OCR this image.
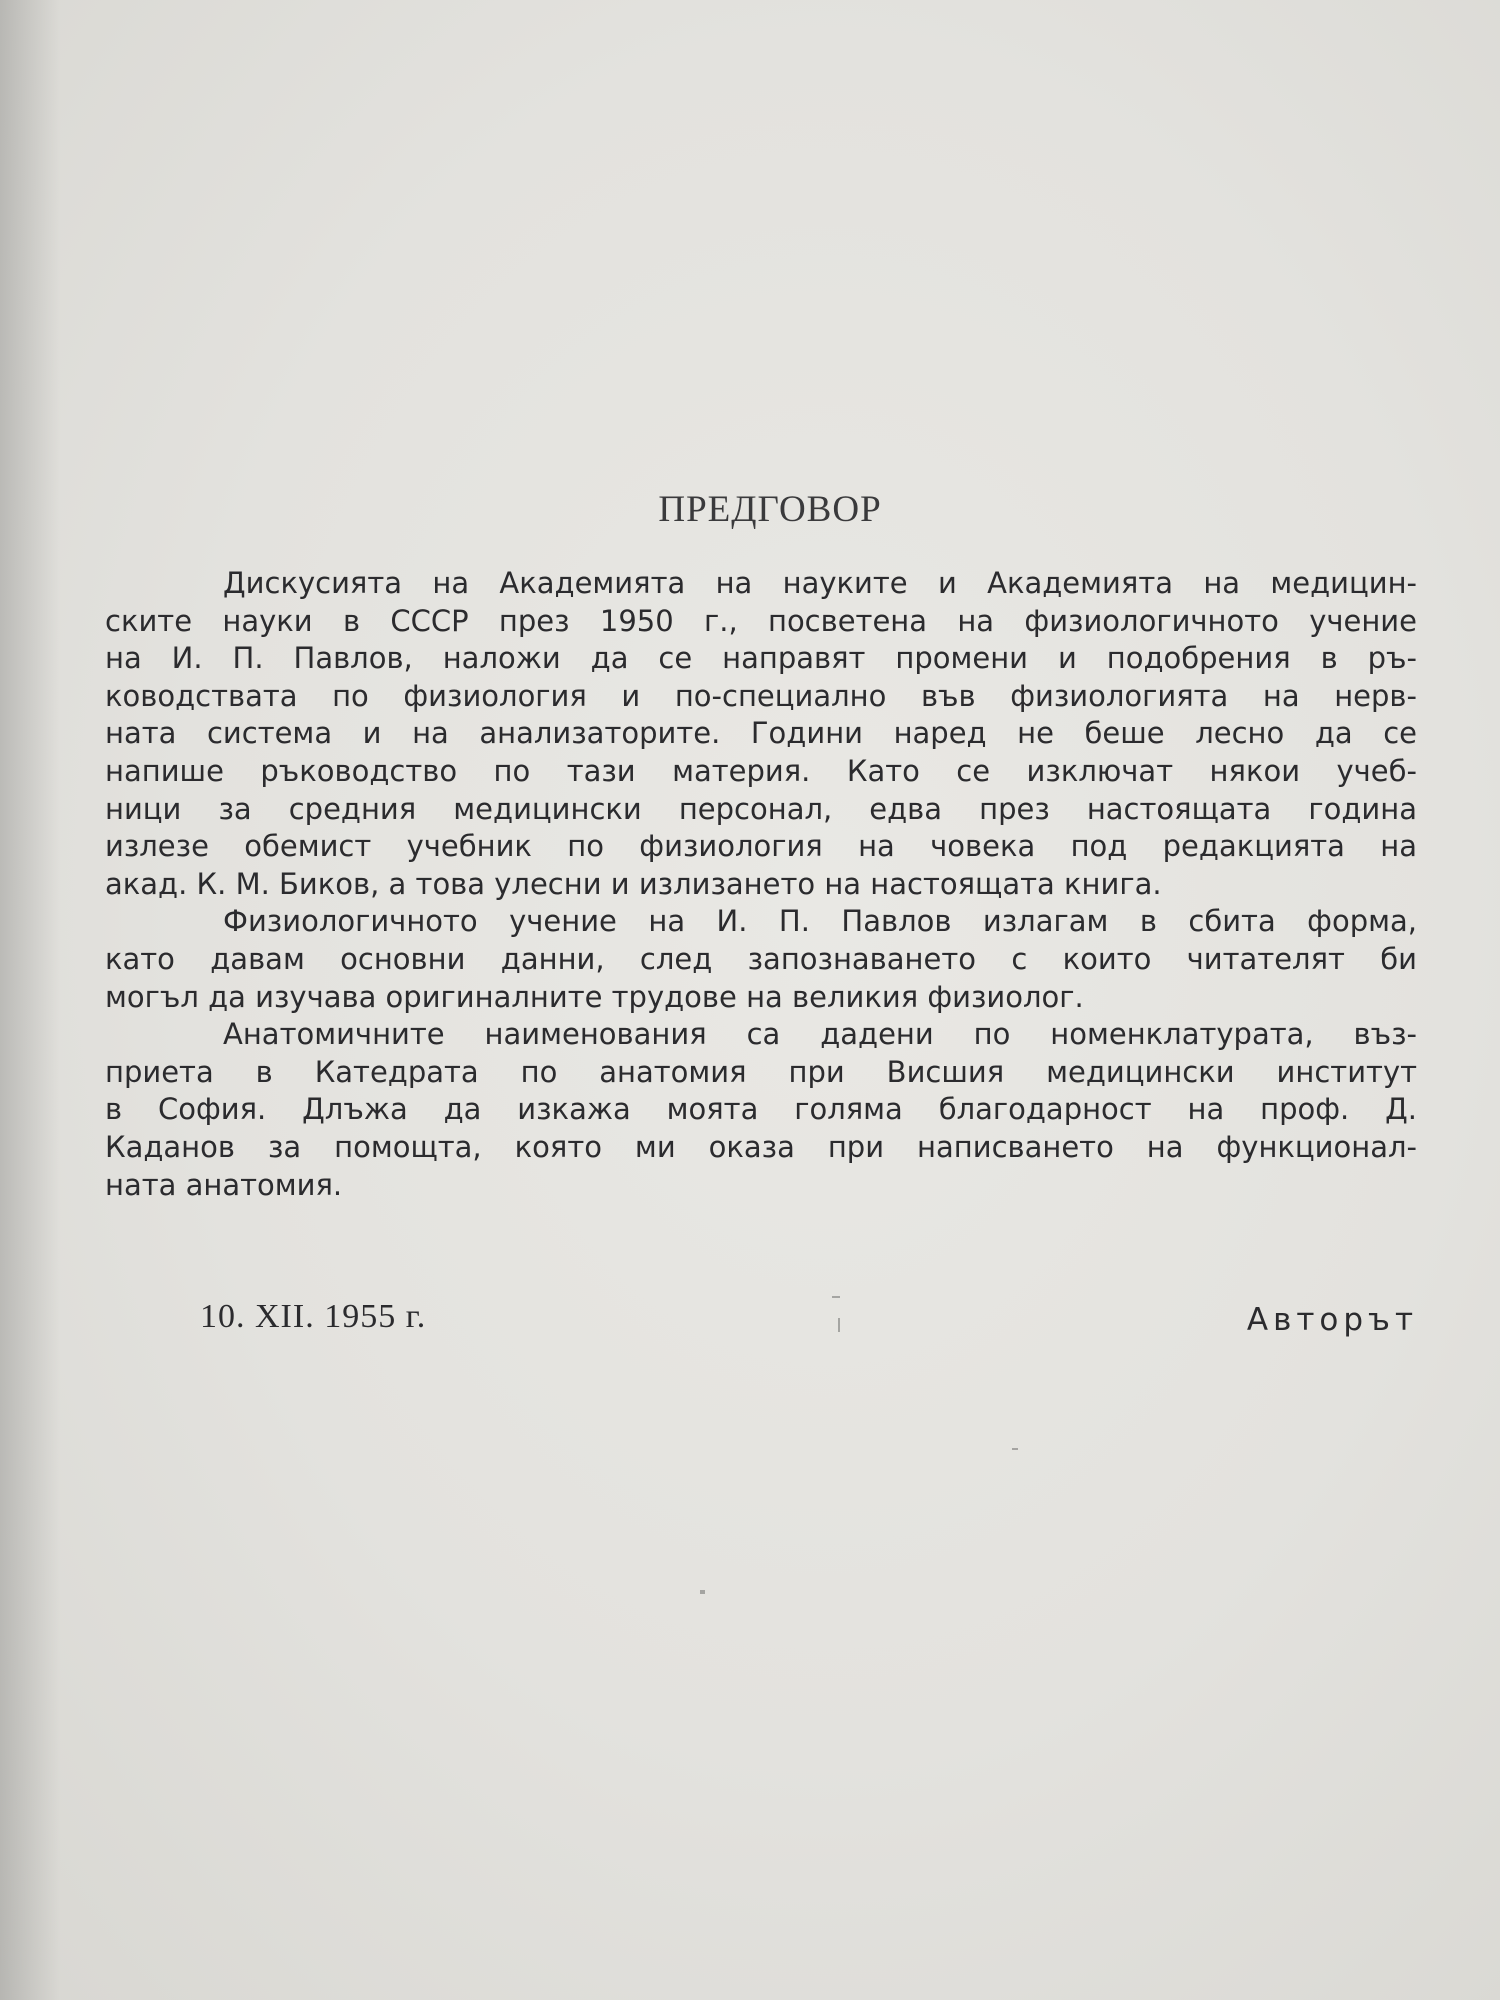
ПРЕДГОВОР
Дискусията на Академията на науките и Академията на медицин-
ските науки в СССР през 1950 г., посветена на физиологичното учение
на И. П. Павлов, наложи да се направят промени и подобрения в ръ-
ководствата по физиология и по-специално във физиологията на нерв-
ната система и на анализаторите. Години наред не беше лесно да се
напише ръководство по тази материя. Като се изключат някои учеб-
ници за средния медицински персонал, едва през настоящата година
излезе обемист учебник по физиология на човека под редакцията на
акад. К. М. Биков, а това улесни и излизането на настоящата книга.
Физиологичното учение на И. П. Павлов излагам в сбита форма,
като давам основни данни, след запознаването с които читателят би
могъл да изучава оригиналните трудове на великия физиолог.
Анатомичните наименования са дадени по номенклатурата, въз-
приета в Катедрата по анатомия при Висшия медицински институт
в София. Длъжа да изкажа моята голяма благодарност на проф. Д.
Каданов за помощта, която ми оказа при написването на функционал-
ната анатомия.
10. XII. 1955 г.	Авторът
